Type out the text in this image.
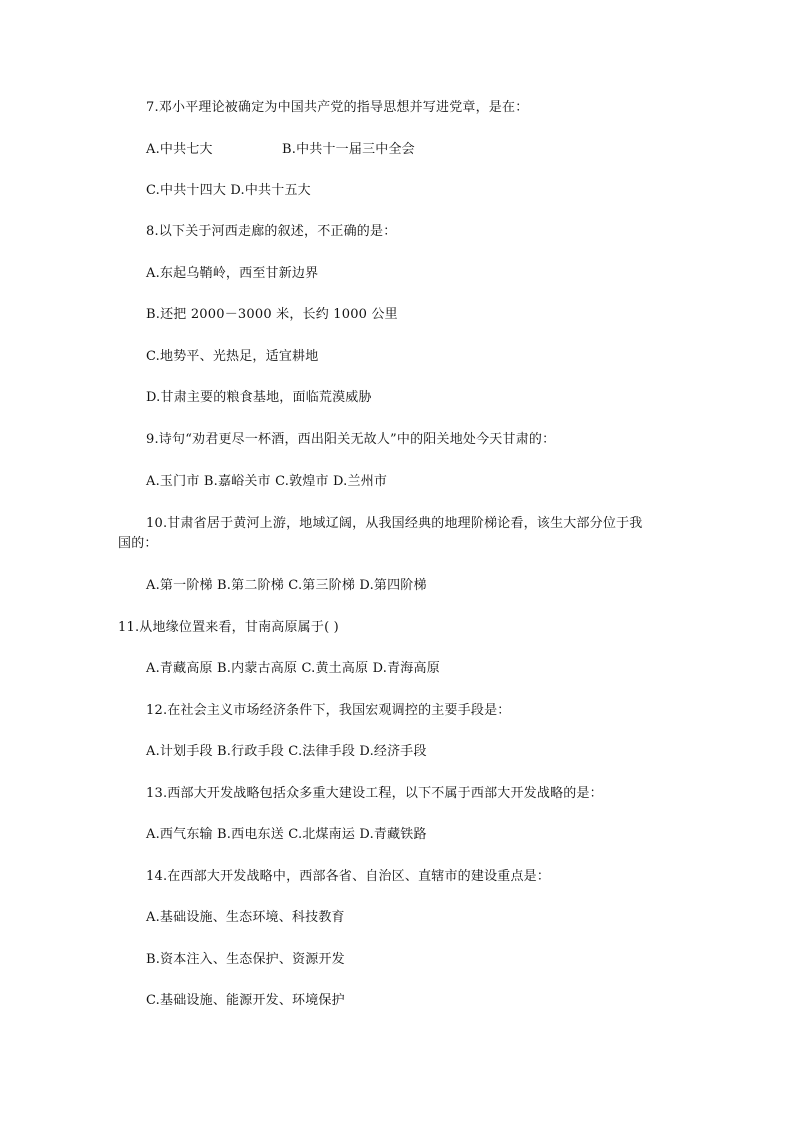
7.邓小平理论被确定为中国共产党的指导思想并写进党章，是在：
A.中共七大	B.中共十一届三中全会
C.中共十四大 D.中共十五大
8.以下关于河西走廊的叙述，不正确的是：
A.东起乌鞘岭，西至甘新边界
B.还把 2000－3000 米，长约 1000 公里
C.地势平、光热足，适宜耕地
D.甘肃主要的粮食基地，面临荒漠威胁
9.诗句“劝君更尽一杯酒，西出阳关无故人”中的阳关地处今天甘肃的：
A.玉门市 B.嘉峪关市 C.敦煌市 D.兰州市
10.甘肃省居于黄河上游，地域辽阔，从我国经典的地理阶梯论看，该生大部分位于我
国的：
A.第一阶梯 B.第二阶梯 C.第三阶梯 D.第四阶梯
11.从地缘位置来看，甘南高原属于( )
A.青藏高原 B.内蒙古高原 C.黄土高原 D.青海高原
12.在社会主义市场经济条件下，我国宏观调控的主要手段是：
A.计划手段 B.行政手段 C.法律手段 D.经济手段
13.西部大开发战略包括众多重大建设工程，以下不属于西部大开发战略的是：
A.西气东输 B.西电东送 C.北煤南运 D.青藏铁路
14.在西部大开发战略中，西部各省、自治区、直辖市的建设重点是：
A.基础设施、生态环境、科技教育
B.资本注入、生态保护、资源开发
C.基础设施、能源开发、环境保护
